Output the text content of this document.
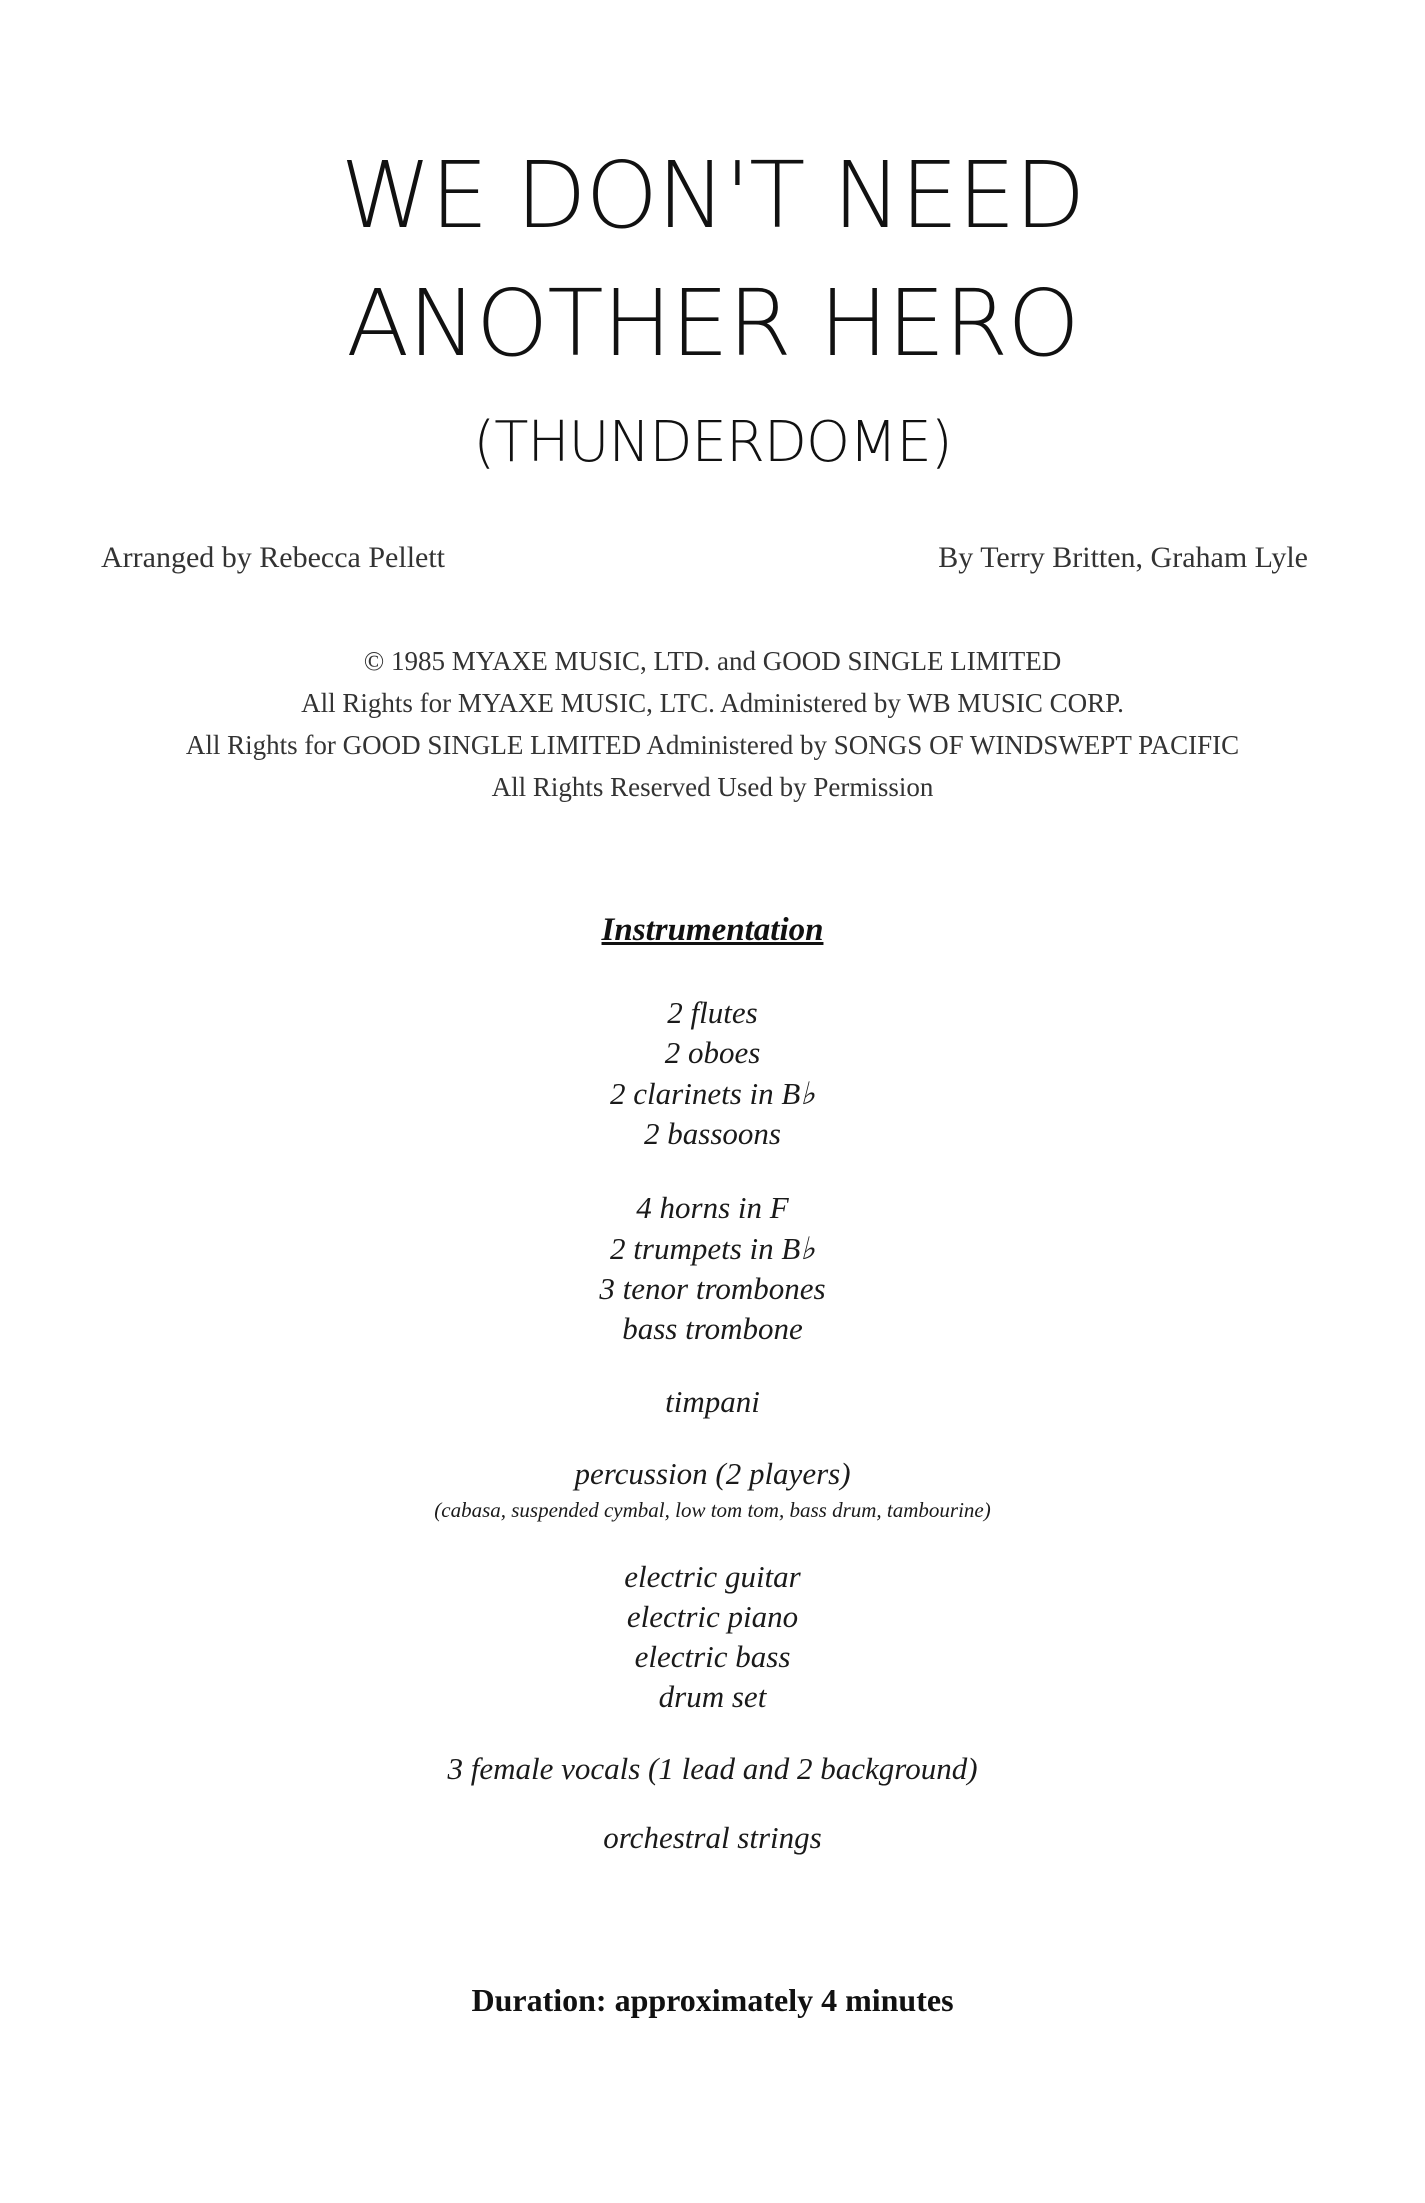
WE DON'T NEED
ANOTHER HERO
(THUNDERDOME)
Arranged by Rebecca Pellett	By Terry Britten, Graham Lyle
© 1985 MYAXE MUSIC, LTD. and GOOD SINGLE LIMITED
All Rights for MYAXE MUSIC, LTC. Administered by WB MUSIC CORP.
All Rights for GOOD SINGLE LIMITED Administered by SONGS OF WINDSWEPT PACIFIC
All Rights Reserved Used by Permission
Instrumentation
2 flutes
2 oboes
2 clarinets in B♭
2 bassoons
4 horns in F
2 trumpets in B♭
3 tenor trombones
bass trombone
timpani
percussion (2 players)
(cabasa, suspended cymbal, low tom tom, bass drum, tambourine)
electric guitar
electric piano
electric bass
drum set
3 female vocals (1 lead and 2 background)
orchestral strings
Duration: approximately 4 minutes
